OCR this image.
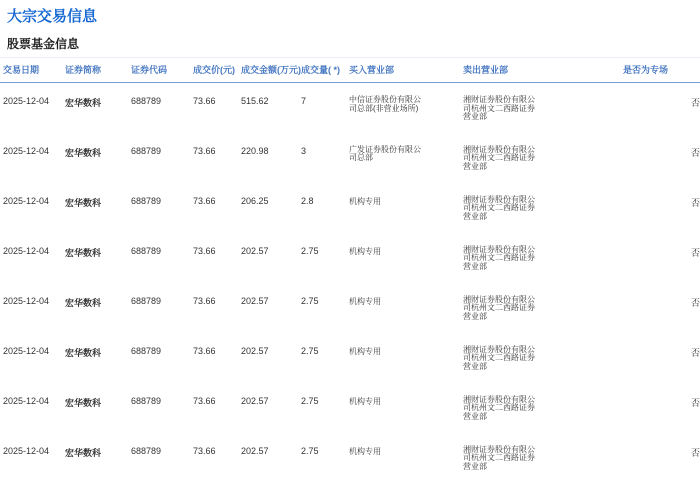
大宗交易信息
股票基金信息
交易日期	证券简称	证券代码	成交价(元)	成交金额(万元)	成交量( *)	买入营业部	卖出营业部	是否为专场
2025-12-04	宏华数科	688789	73.66	515.62	7	中信证券股份有限公司总部(非营业场所)	湘财证券股份有限公司杭州文二西路证券营业部	否
2025-12-04	宏华数科	688789	73.66	220.98	3	广发证券股份有限公司总部	湘财证券股份有限公司杭州文二西路证券营业部	否
2025-12-04	宏华数科	688789	73.66	206.25	2.8	机构专用	湘财证券股份有限公司杭州文二西路证券营业部	否
2025-12-04	宏华数科	688789	73.66	202.57	2.75	机构专用	湘财证券股份有限公司杭州文二西路证券营业部	否
2025-12-04	宏华数科	688789	73.66	202.57	2.75	机构专用	湘财证券股份有限公司杭州文二西路证券营业部	否
2025-12-04	宏华数科	688789	73.66	202.57	2.75	机构专用	湘财证券股份有限公司杭州文二西路证券营业部	否
2025-12-04	宏华数科	688789	73.66	202.57	2.75	机构专用	湘财证券股份有限公司杭州文二西路证券营业部	否
2025-12-04	宏华数科	688789	73.66	202.57	2.75	机构专用	湘财证券股份有限公司杭州文二西路证券营业部	否
